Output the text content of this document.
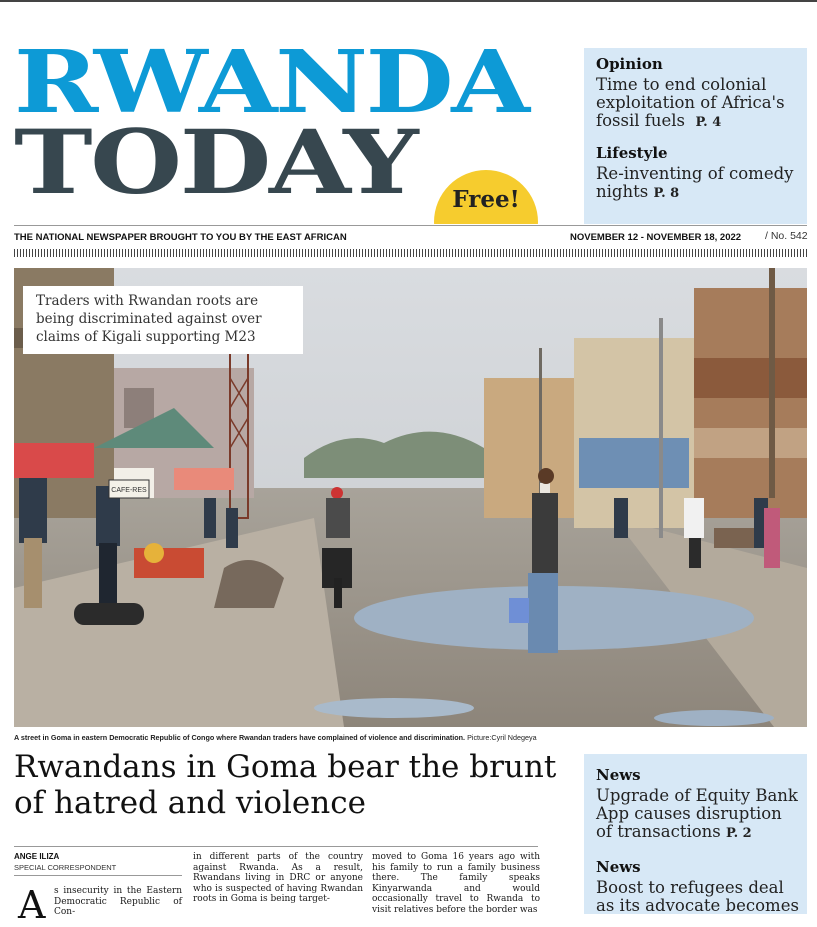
RWANDA
TODAY	Free!
Opinion
Time to end colonial exploitation of Africa's fossil fuels P. 4
Lifestyle
Re-inventing of comedy nights P. 8
THE NATIONAL NEWSPAPER BROUGHT TO YOU BY THE EAST AFRICAN	NOVEMBER 12 - NOVEMBER 18, 2022 / No. 542
CAFE-RES
Traders with Rwandan roots are being discriminated against over claims of Kigali supporting M23
A street in Goma in eastern Democratic Republic of Congo where Rwandan traders have complained of violence and discrimination. Picture:Cyril Ndegeya
Rwandans in Goma bear the brunt of hatred and violence
ANGE ILIZA
SPECIAL CORRESPONDENT
A s insecurity in the Eastern Democratic Republic of Con-
in different parts of the country against Rwanda. As a result, Rwandans living in DRC or anyone who is suspected of having Rwandan roots in Goma is being target-
moved to Goma 16 years ago with his family to run a family business there. The family speaks Kinyarwanda and would occasionally travel to Rwanda to visit relatives before the border was
News
Upgrade of Equity Bank App causes disruption of transactions P. 2
News
Boost to refugees deal as its advocate becomes
